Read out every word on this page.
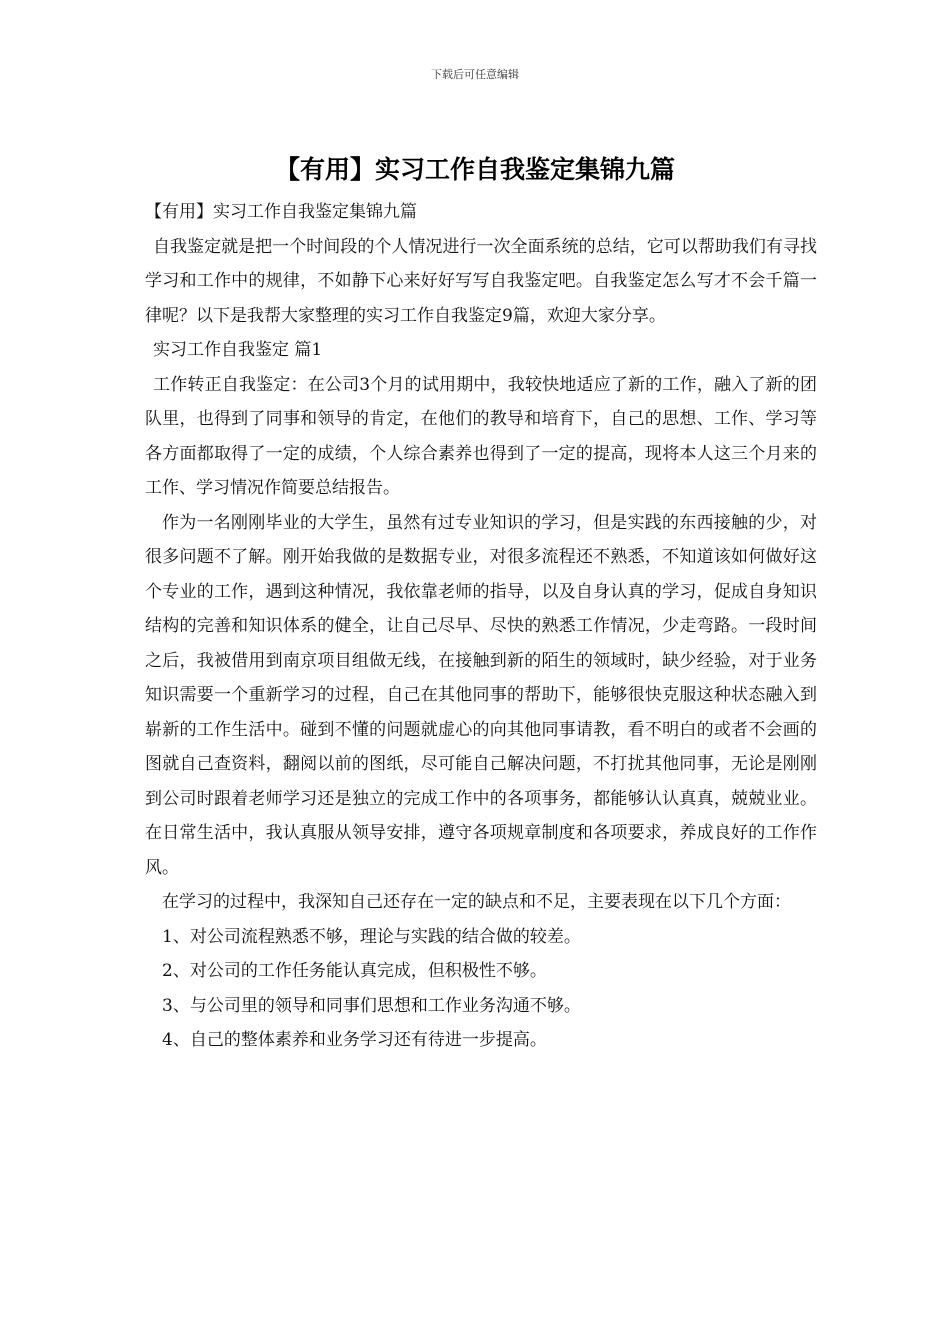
下载后可任意编辑
【有用】实习工作自我鉴定集锦九篇

【有用】实习工作自我鉴定集锦九篇

自我鉴定就是把一个时间段的个人情况进行一次全面系统的总结，它可以帮助我们有寻找学习和工作中的规律，不如静下心来好好写写自我鉴定吧。自我鉴定怎么写才不会千篇一律呢？以下是我帮大家整理的实习工作自我鉴定9篇，欢迎大家分享。

实习工作自我鉴定 篇1

工作转正自我鉴定：在公司3个月的试用期中，我较快地适应了新的工作，融入了新的团队里，也得到了同事和领导的肯定，在他们的教导和培育下，自己的思想、工作、学习等各方面都取得了一定的成绩，个人综合素养也得到了一定的提高，现将本人这三个月来的工作、学习情况作简要总结报告。

作为一名刚刚毕业的大学生，虽然有过专业知识的学习，但是实践的东西接触的少，对很多问题不了解。刚开始我做的是数据专业，对很多流程还不熟悉，不知道该如何做好这个专业的工作，遇到这种情况，我依靠老师的指导，以及自身认真的学习，促成自身知识结构的完善和知识体系的健全，让自己尽早、尽快的熟悉工作情况，少走弯路。一段时间之后，我被借用到南京项目组做无线，在接触到新的陌生的领域时，缺少经验，对于业务知识需要一个重新学习的过程，自己在其他同事的帮助下，能够很快克服这种状态融入到崭新的工作生活中。碰到不懂的问题就虚心的向其他同事请教，看不明白的或者不会画的图就自己查资料，翻阅以前的图纸，尽可能自己解决问题，不打扰其他同事，无论是刚刚到公司时跟着老师学习还是独立的完成工作中的各项事务，都能够认认真真，兢兢业业。在日常生活中，我认真服从领导安排，遵守各项规章制度和各项要求，养成良好的工作作风。

在学习的过程中，我深知自己还存在一定的缺点和不足，主要表现在以下几个方面：

1、对公司流程熟悉不够，理论与实践的结合做的较差。

2、对公司的工作任务能认真完成，但积极性不够。

3、与公司里的领导和同事们思想和工作业务沟通不够。

4、自己的整体素养和业务学习还有待进一步提高。
